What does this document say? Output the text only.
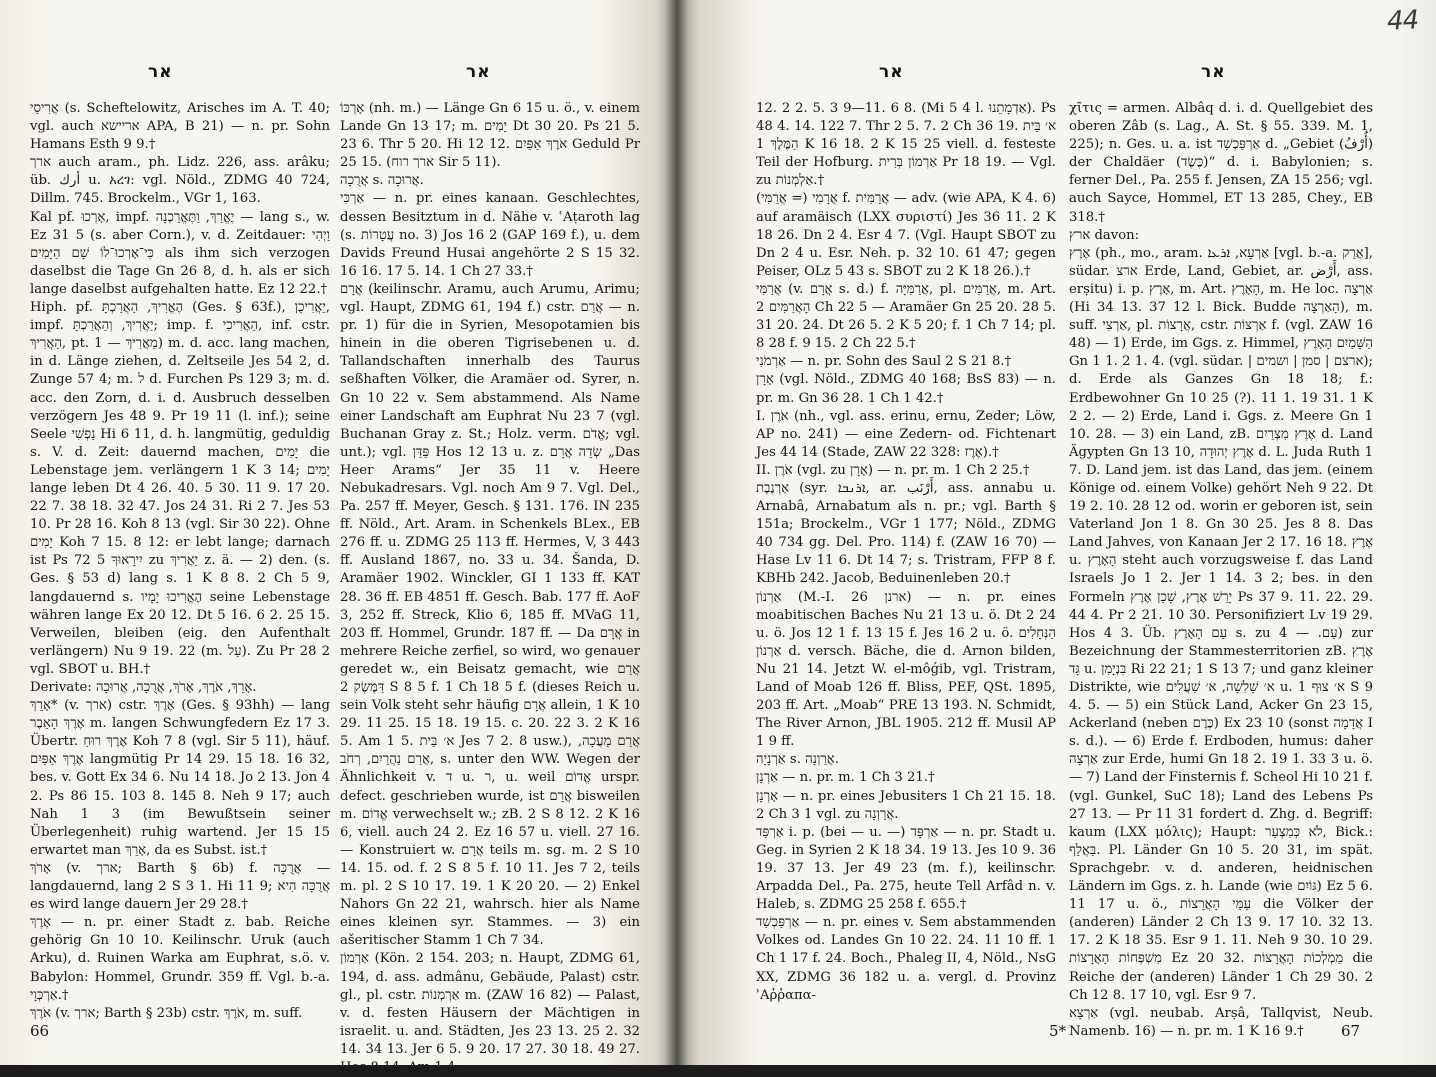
אר	אר
אֲרִיסַי (s. Scheftelowitz, Arisches im A. T. 40; vgl. auch אריישא APA, B 21) — n. pr. Sohn Hamans Esth 9 9.†
ארך auch aram., ph. Lidz. 226, ass. arâku; üb. أرك u. አረገ: vgl. Nöld., ZDMG 40 724, Dillm. 745. Brockelm., VGr 1, 163.
Kal pf. אָרְכוּ, impf. יֶאֱרַךְ, וַתֶּאֱרַכְנָה — lang s., w. Ez 31 5 (s. aber Corn.), v. d. Zeitdauer: וַיְהִי כִּי־אָרְכוּ־לוֹ שָׁם הַיָּמִים als ihm sich verzogen daselbst die Tage Gn 26 8, d. h. als er sich lange daselbst aufgehalten hatte. Ez 12 22.†
Hiph. pf. הֶאֱרִיךְ, הַאֲרַכְתָּ (Ges. § 63f.), יַאֲרִיכֻן, impf. יַאֲרִיךְ, וְהַאֲרַכְתָּ; imp. f. הַאֲרִיכִי, inf. cstr. הַאֲרִיךְ, pt. מַאֲרִיךְ — 1) m. d. acc. lang machen, in d. Länge ziehen, d. Zeltseile Jes 54 2, d. Zunge 57 4; m. ל d. Furchen Ps 129 3; m. d. acc. den Zorn, d. i. d. Ausbruch desselben verzögern Jes 48 9. Pr 19 11 (l. inf.); seine Seele נַפְשִׁי Hi 6 11, d. h. langmütig, geduldig s. V. d. Zeit: dauernd machen, יָמִים die Lebenstage jem. verlängern 1 K 3 14; יָמִים lange leben Dt 4 26. 40. 5 30. 11 9. 17 20. 22 7. 38 18. 32 47. Jos 24 31. Ri 2 7. Jes 53 10. Pr 28 16. Koh 8 13 (vgl. Sir 30 22). Ohne יָמִים Koh 7 15. 8 12: er lebt lange; darnach ist Ps 72 5 יִירָאוּךָ zu יַאֲרִיךְ z. ä. — 2) den. (s. Ges. § 53 d) lang s. 1 K 8 8. 2 Ch 5 9, langdauernd s. הֶאֱרִיכוּ יָמָיו seine Lebenstage währen lange Ex 20 12. Dt 5 16. 6 2. 25 15. Verweilen, bleiben (eig. den Aufenthalt verlängern) Nu 9 19. 22 (m. עַל). Zu Pr 28 2 vgl. SBOT u. BH.†
Derivate: אָרֵךְ, אֹרֶךְ, אָרֹךְ, אֲרֻכָה, אֲרוּכָה.
אָרֵךְ* (v. ארך) cstr. אֶרֶךְ (Ges. § 93hh) — lang אֶרֶךְ הָאֵבֶר m. langen Schwungfedern Ez 17 3. Übertr. אֶרֶךְ רוּחַ Koh 7 8 (vgl. Sir 5 11), häuf. אֶרֶךְ אַפַּיִם langmütig Pr 14 29. 15 18. 16 32, bes. v. Gott Ex 34 6. Nu 14 18. Jo 2 13. Jon 4 2. Ps 86 15. 103 8. 145 8. Neh 9 17; auch Nah 1 3 (im Bewußtsein seiner Überlegenheit) ruhig wartend. Jer 15 15 erwartet man אָרֵךְ, da es Subst. ist.†
אָרֹךְ (v. ארך; Barth § 6b) f. אֲרֻכָּה — langdauernd, lang 2 S 3 1. Hi 11 9; אֲרֻכָּה הִיא es wird lange dauern Jer 29 28.†
אֶרֶךְ — n. pr. einer Stadt z. bab. Reiche gehörig Gn 10 10. Keilinschr. Uruk (auch Arku), d. Ruinen Warka am Euphrat, s.ö. v. Babylon: Hommel, Grundr. 359 ff. Vgl. b.-a. אַרְכְּוָי.†
אֹרֶךְ (v. ארך; Barth § 23b) cstr. אֹרֶךְ, m. suff.
אָרְכּוֹ (nh. m.) — Länge Gn 6 15 u. ö., v. einem Lande Gn 13 17; m. יָמִים Dt 30 20. Ps 21 5. 23 6. Thr 5 20. Hi 12 12. אֹרֶךְ אַפַּיִם Geduld Pr 25 15. (ארך רוח Sir 5 11).
אֲרֻכָה s. אֲרוּכָה.
אַרְכִּי — n. pr. eines kanaan. Geschlechtes, dessen Besitztum in d. Nähe v. ʿAṭaroth lag (s. עֲטָרוֹת no. 3) Jos 16 2 (GAP 169 f.), u. dem Davids Freund Husai angehörte 2 S 15 32. 16 16. 17 5. 14. 1 Ch 27 33.†
אֲרָם (keilinschr. Aramu, auch Arumu, Arimu; vgl. Haupt, ZDMG 61, 194 f.) cstr. אֲרַם — n. pr. 1) für die in Syrien, Mesopotamien bis hinein in die oberen Tigrisebenen u. d. Tallandschaften innerhalb des Taurus seßhaften Völker, die Aramäer od. Syrer, n. Gn 10 22 v. Sem abstammend. Als Name einer Landschaft am Euphrat Nu 23 7 (vgl. Buchanan Gray z. St.; Holz. verm. אֱדֹם; vgl. unt.); vgl. פַּדַּן Hos 12 13 u. z. שְׂדֵה אֲרָם „Das Heer Arams“ Jer 35 11 v. Heere Nebukadresars. Vgl. noch Am 9 7. Vgl. Del., Pa. 257 ff. Meyer, Gesch. § 131. 176. IN 235 ff. Nöld., Art. Aram. in Schenkels BLex., EB 276 ff. u. ZDMG 25 113 ff. Hermes, V, 3 443 ff. Ausland 1867, no. 33 u. 34. Šanda, D. Aramäer 1902. Winckler, GI 1 133 ff. KAT 28. 36 ff. EB 4851 ff. Gesch. Bab. 177 ff. AoF 3, 252 ff. Streck, Klio 6, 185 ff. MVaG 11, 203 ff. Hommel, Grundr. 187 ff. — Da אֲרָם in mehrere Reiche zerfiel, so wird, wo genauer geredet w., ein Beisatz gemacht, wie אֲרַם דַּמֶּשֶׂק 2 S 8 5 f. 1 Ch 18 5 f. (dieses Reich u. sein Volk steht sehr häufig אֲרָם allein, 1 K 10 29. 11 25. 15 18. 19 15. c. 20. 22 3. 2 K 16 5. Am 1 5. א׳ בֵּית Jes 7 2. 8 usw.), אֲרַם מַעֲכָה, אֲרַם נַהֲרַיִם, רְחֹב, s. unter den WW. Wegen der Ähnlichkeit v. ד u. ר, u. weil אֱדוֹם urspr. defect. geschrieben wurde, ist אֲרָם bisweilen m. אֱדוֹם verwechselt w.; zB. 2 S 8 12. 2 K 16 6, viell. auch 24 2. Ez 16 57 u. viell. 27 16. — Konstruiert w. אֲרָם teils m. sg. m. 2 S 10 14. 15. od. f. 2 S 8 5 f. 10 11. Jes 7 2, teils m. pl. 2 S 10 17. 19. 1 K 20 20. — 2) Enkel Nahors Gn 22 21, wahrsch. hier als Name eines kleinen syr. Stammes. — 3) ein ašeritischer Stamm 1 Ch 7 34.
אַרְמוֹן (Kön. 2 154. 203; n. Haupt, ZDMG 61, 194, d. ass. admânu, Gebäude, Palast) cstr. gl., pl. cstr. אַרְמְנוֹת m. (ZAW 16 82) — Palast, v. d. festen Häusern der Mächtigen in israelit. u. and. Städten, Jes 23 13. 25 2. 32 14. 34 13. Jer 6 5. 9 20. 17 27. 30 18. 49 27. Hos 8 14. Am 1 4.
66
44
אר	אר
12. 2 2. 5. 3 9—11. 6 8. (Mi 5 4 l. אַדְמָתֵנוּ). Ps 48 4. 14. 122 7. Thr 2 5. 7. 2 Ch 36 19. א׳ בֵּית הַמֶּלֶךְ 1 K 16 18. 2 K 15 25 viell. d. festeste Teil der Hofburg. אַרְמוֹן בְּרִית Pr 18 19. — Vgl. zu אַלְמְנוֹת.†
אֲרָמִי (= אֲרַמִּי) f. אֲרַמִּית — adv. (wie APA, K 4. 6) auf aramäisch (LXX συριστί) Jes 36 11. 2 K 18 26. Dn 2 4. Esr 4 7. (Vgl. Haupt SBOT zu Dn 2 4 u. Esr. Neh. p. 32 10. 61 47; gegen Peiser, OLz 5 43 s. SBOT zu 2 K 18 26.).†
אֲרַמִּי (v. אֲרָם s. d.) f. אֲרַמִּיָּה, pl. אֲרַמִּים, m. Art. הָאֲרַמִּים 2 Ch 22 5 — Aramäer Gn 25 20. 28 5. 31 20. 24. Dt 26 5. 2 K 5 20; f. 1 Ch 7 14; pl. 8 28 f. 9 15. 2 Ch 22 5.†
אַרְמֹנִי — n. pr. Sohn des Saul 2 S 21 8.†
אָרָן (vgl. Nöld., ZDMG 40 168; BsS 83) — n. pr. m. Gn 36 28. 1 Ch 1 42.†
I. אֹרֶן (nh., vgl. ass. erinu, ernu, Zeder; Löw, AP no. 241) — eine Zedern- od. Fichtenart Jes 44 14 (Stade, ZAW 22 328: אֶרֶז).†
II. אֹרֶן (vgl. zu אָרָן) — n. pr. m. 1 Ch 2 25.†
אַרְנֶבֶת (syr. ܐܪܢܒܐ, ar. أَرْنَب, ass. annabu u. Arnabâ, Arnabatum als n. pr.; vgl. Barth § 151a; Brockelm., VGr 1 177; Nöld., ZDMG 40 734 gg. Del. Pro. 114) f. (ZAW 16 70) — Hase Lv 11 6. Dt 14 7; s. Tristram, FFP 8 f. KBHb 242. Jacob, Beduinenleben 20.†
אַרְנוֹן (M.-I. 26 ארנן) — n. pr. eines moabitischen Baches Nu 21 13 u. ö. Dt 2 24 u. ö. Jos 12 1 f. 13 15 f. Jes 16 2 u. ö. הַנְּחָלִים אַרְנוֹן d. versch. Bäche, die d. Arnon bilden, Nu 21 14. Jetzt W. el-môǵib, vgl. Tristram, Land of Moab 126 ff. Bliss, PEF, QSt. 1895, 203 ff. Art. „Moab“ PRE 13 193. N. Schmidt, The River Arnon, JBL 1905. 212 ff. Musil AP 1 9 ff.
אַרְנָיָה s. אֲרַוְנָה.
אַרְנָן — n. pr. m. 1 Ch 3 21.†
אָרְנָן — n. pr. eines Jebusiters 1 Ch 21 15. 18. 2 Ch 3 1 vgl. zu אֲרַוְנָה.
אַרְפַּד i. p. (bei — u. —) אַרְפָּד — n. pr. Stadt u. Geg. in Syrien 2 K 18 34. 19 13. Jes 10 9. 36 19. 37 13. Jer 49 23 (m. f.), keilinschr. Arpadda Del., Pa. 275, heute Tell Arfâd n. v. Haleb, s. ZDMG 25 258 f. 655.†
אַרְפַּכְשַׁד — n. pr. eines v. Sem abstammenden Volkes od. Landes Gn 10 22. 24. 11 10 ff. 1 Ch 1 17 f. 24. Boch., Phaleg II, 4, Nöld., NsG XX, ZDMG 36 182 u. a. vergl. d. Provinz ʾΑῤῥαπα-
χῖτις = armen. Albâq d. i. d. Quellgebiet des oberen Zâb (s. Lag., A. St. § 55. 339. M. 1, 225); n. Ges. u. a. ist אַרְפַּכְשַׁד d. „Gebiet (أُرْفُ) der Chaldäer (כֶּשֶׂד)“ d. i. Babylonien; s. ferner Del., Pa. 255 f. Jensen, ZA 15 256; vgl. auch Sayce, Hommel, ET 13 285, Chey., EB 318.†
ארץ davon:
אֶרֶץ (ph., mo., aram. אַרְעָא, ܐܪܥܐ [vgl. b.-a. אֲרַק], südar. ארצ Erde, Land, Gebiet, ar. أَرْض, ass. erṣitu) i. p. אָרֶץ, m. Art. הָאָרֶץ, m. He loc. אַרְצָה (Hi 34 13. 37 12 l. Bick. Budde הָאַרְצָה), m. suff. אַרְצִי, pl. אֲרָצוֹת, cstr. אַרְצוֹת f. (vgl. ZAW 16 48) — 1) Erde, im Ggs. z. Himmel, הַשָּׁמַיִם הָאָרֶץ Gn 1 1. 2 1. 4. (vgl. südar. | ארצם | סמן | ושמים); d. Erde als Ganzes Gn 18 18; f.: Erdbewohner Gn 10 25 (?). 11 1. 19 31. 1 K 2 2. — 2) Erde, Land i. Ggs. z. Meere Gn 1 10. 28. — 3) ein Land, zB. אֶרֶץ מִצְרַיִם d. Land Ägypten Gn 13 10, אֶרֶץ יְהוּדָה d. L. Juda Ruth 1 7. D. Land jem. ist das Land, das jem. (einem Könige od. einem Volke) gehört Neh 9 22. Dt 19 2. 10. 28 12 od. worin er geboren ist, sein Vaterland Jon 1 8. Gn 30 25. Jes 8 8. Das Land Jahves, von Kanaan Jer 2 17. 16 18. אֶרֶץ u. הָאָרֶץ steht auch vorzugsweise f. das Land Israels Jo 1 2. Jer 1 14. 3 2; bes. in den Formeln יָרַשׁ אֶרֶץ, שָׁכַן אֶרֶץ Ps 37 9. 11. 22. 29. 44 4. Pr 2 21. 10 30. Personifiziert Lv 19 29. Hos 4 3. Üb. עַם הָאָרֶץ s. zu עַם. — 4) zur Bezeichnung der Stammesterritorien zB. אֶרֶץ גָּד u. בִּנְיָמִן Ri 22 21; 1 S 13 7; und ganz kleiner Distrikte, wie א׳ שָׁלִשָׁה, א׳ שַׁעֲלִים u. א׳ צוּף 1 S 9 4. 5. — 5) ein Stück Land, Acker Gn 23 15, Ackerland (neben כֶּרֶם) Ex 23 10 (sonst אֲדָמָה I s. d.). — 6) Erde f. Erdboden, humus: daher אַרְצָה zur Erde, humi Gn 18 2. 19 1. 33 3 u. ö. — 7) Land der Finsternis f. Scheol Hi 10 21 f. (vgl. Gunkel, SuC 18); Land des Lebens Ps 27 13. — Pr 11 31 fordert d. Zhg. d. Begriff: kaum (LXX μόλις); Haupt: לֹא כְּמִצְעַר, Bick.: בַּאֲלֵף. Pl. Länder Gn 10 5. 20 31, im spät. Sprachgebr. v. d. anderen, heidnischen Ländern im Ggs. z. h. Lande (wie גּוֹיִם) Ez 5 6. 11 17 u. ö., עַמֵּי הָאֲרָצוֹת die Völker der (anderen) Länder 2 Ch 13 9. 17 10. 32 13. 17. 2 K 18 35. Esr 9 1. 11. Neh 9 30. 10 29. מִשְׁפְּחוֹת הָאֲרָצוֹת Ez 20 32. מַמְלְכוֹת הָאֲרָצוֹת die Reiche der (anderen) Länder 1 Ch 29 30. 2 Ch 12 8. 17 10, vgl. Esr 9 7.
אַרְצָא (vgl. neubab. Arṣâ, Tallqvist, Neub. Namenb. 16) — n. pr. m. 1 K 16 9.†
5*	67
